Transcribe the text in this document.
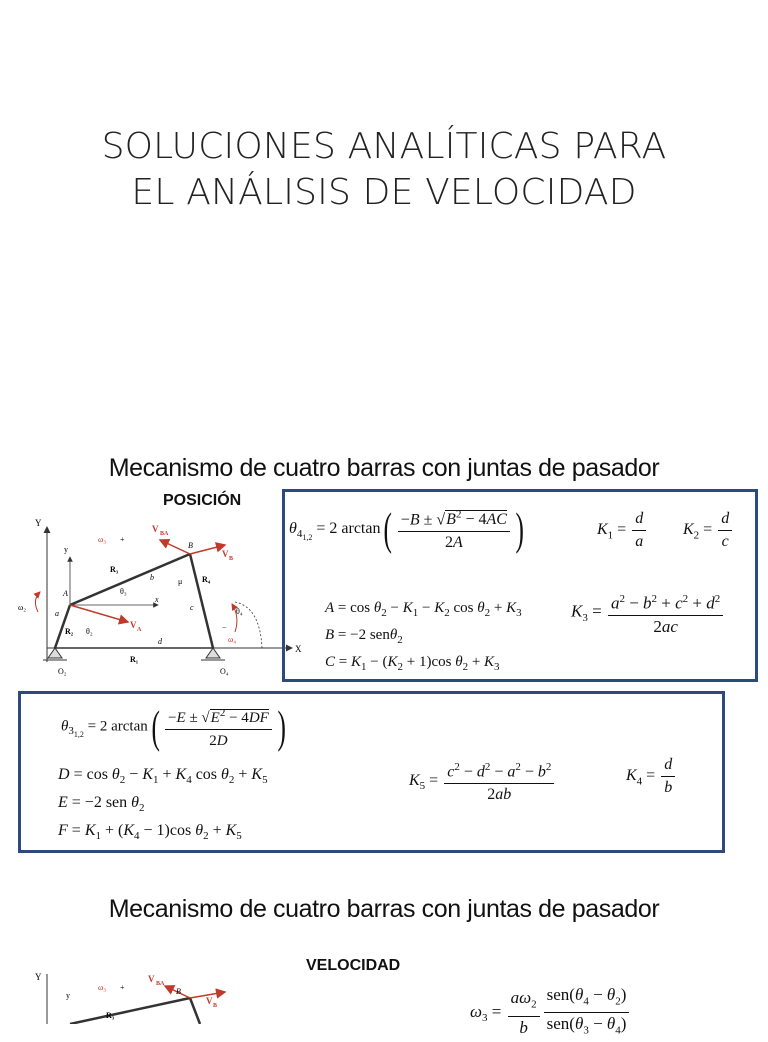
SOLUCIONES ANALÍTICAS PARA
EL ANÁLISIS DE VELOCIDAD
Mecanismo de cuatro barras con juntas de pasador
POSICIÓN
Y
y
x
X
ω₃ +
V BA
B
V B
R₃
b	μ
θ₃
R₄
θ₄
A
ω₂
a
c
R₂ θ₂
V A
ω₄
−
d
R₁
O₂	O₄
$\theta_{4_{1,2}} = 2$ $\arctan( \frac{-B \pm √B^2 - 4AC}{2A}$ )	$K_1 = \frac{d}{a} K_2 = \frac{d}{c}$
$A = \cos \theta_2 - K_1 - K_2$ $\cos \theta_2 + K_3$
B = −2 senθ$_2$
$C = K_1 - (K_2 + 1)\cos$ $\theta_2 + K_3$
$K_3 = \frac{a^2 - b^2 + c^2 + d^2}{2ac}$
$\theta_{3_{1,2}} = 2$ $\arctan( \frac{-E \pm √E^2 - 4DF}{2D}$ )
$D = \cos \theta_2 - K_1 + K_4$ $\cos \theta_2 + K_5$
E = −2 sen $\theta_2$
$F = K_1 + (K_4 - 1)\cos$ $\theta_2 + K_5$
$K_5 = \frac{c^2 - d^2 - a^2 - b^2}{2ab}$	$K_4 = \frac{d}{b}$
Mecanismo de cuatro barras con juntas de pasador
VELOCIDAD
Y
y
ω₃ +
V BA
B
V B
R₃	$\omega_3 = \frac{a\omega_2}{b} \frac{sen(\theta_4 - \theta_2)}{sen(\theta_3 - \theta_4)}$
